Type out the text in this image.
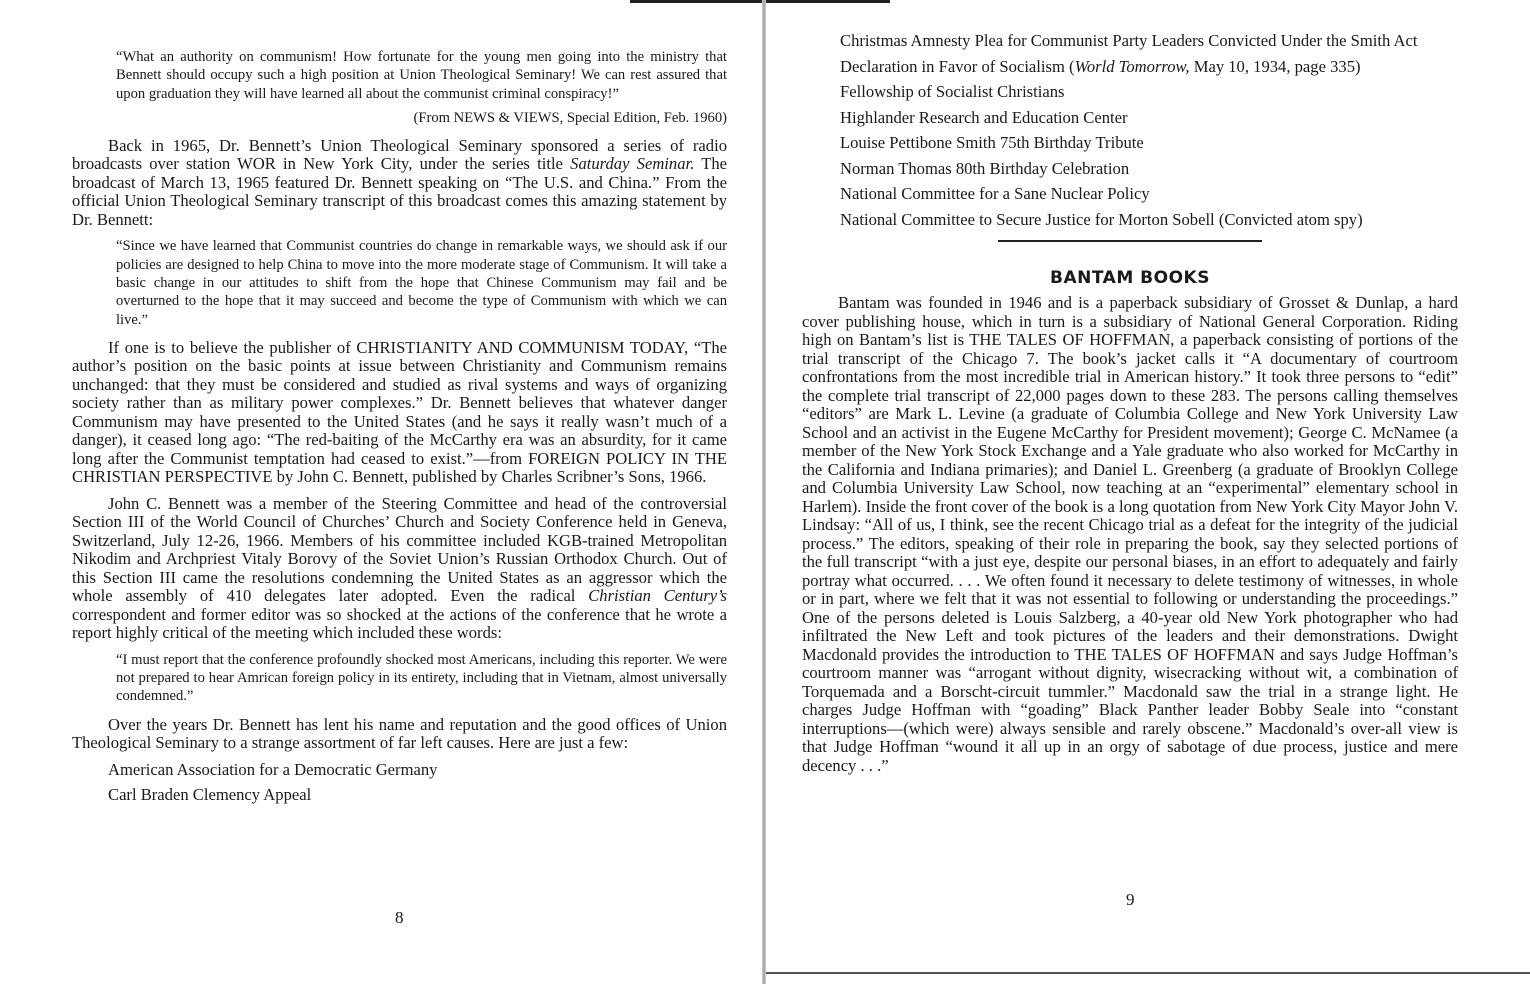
“What an authority on communism! How fortunate for the young men going into the ministry that Bennett should occupy such a high position at Union Theological Seminary! We can rest assured that upon graduation they will have learned all about the communist criminal conspiracy!”

(From NEWS & VIEWS, Special Edition, Feb. 1960)

Back in 1965, Dr. Bennett’s Union Theological Seminary sponsored a series of radio broadcasts over station WOR in New York City, under the series title Saturday Seminar. The broadcast of March 13, 1965 featured Dr. Bennett speaking on “The U.S. and China.” From the official Union Theological Seminary transcript of this broadcast comes this amazing statement by Dr. Bennett:

“Since we have learned that Communist countries do change in remarkable ways, we should ask if our policies are designed to help China to move into the more moderate stage of Communism. It will take a basic change in our attitudes to shift from the hope that Chinese Communism may fail and be overturned to the hope that it may succeed and become the type of Communism with which we can live.”

If one is to believe the publisher of CHRISTIANITY AND COMMUNISM TODAY, “The author’s position on the basic points at issue between Christianity and Communism remains unchanged: that they must be considered and studied as rival systems and ways of organizing society rather than as military power complexes.” Dr. Bennett believes that whatever danger Communism may have presented to the United States (and he says it really wasn’t much of a danger), it ceased long ago: “The red-baiting of the McCarthy era was an absurdity, for it came long after the Communist temptation had ceased to exist.”—from FOREIGN POLICY IN THE CHRISTIAN PERSPECTIVE by John C. Bennett, published by Charles Scribner’s Sons, 1966.

John C. Bennett was a member of the Steering Committee and head of the controversial Section III of the World Council of Churches’ Church and Society Conference held in Geneva, Switzerland, July 12-26, 1966. Members of his committee included KGB-trained Metropolitan Nikodim and Archpriest Vitaly Borovy of the Soviet Union’s Russian Orthodox Church. Out of this Section III came the resolutions condemning the United States as an aggressor which the whole assembly of 410 delegates later adopted. Even the radical Christian Century’s correspondent and former editor was so shocked at the actions of the conference that he wrote a report highly critical of the meeting which included these words:

“I must report that the conference profoundly shocked most Americans, including this reporter. We were not prepared to hear Amrican foreign policy in its entirety, including that in Vietnam, almost universally condemned.”

Over the years Dr. Bennett has lent his name and reputation and the good offices of Union Theological Seminary to a strange assortment of far left causes. Here are just a few:

American Association for a Democratic Germany
Carl Braden Clemency Appeal
8
Christmas Amnesty Plea for Communist Party Leaders Convicted Under the Smith Act
Declaration in Favor of Socialism (World Tomorrow, May 10, 1934, page 335)
Fellowship of Socialist Christians
Highlander Research and Education Center
Louise Pettibone Smith 75th Birthday Tribute
Norman Thomas 80th Birthday Celebration
National Committee for a Sane Nuclear Policy
National Committee to Secure Justice for Morton Sobell (Convicted atom spy)
BANTAM BOOKS

Bantam was founded in 1946 and is a paperback subsidiary of Grosset & Dunlap, a hard cover publishing house, which in turn is a subsidiary of National General Corporation. Riding high on Bantam’s list is THE TALES OF HOFFMAN, a paperback consisting of portions of the trial transcript of the Chicago 7. The book’s jacket calls it “A documentary of courtroom confrontations from the most incredible trial in American history.” It took three persons to “edit” the complete trial transcript of 22,000 pages down to these 283. The persons calling themselves “editors” are Mark L. Levine (a graduate of Columbia College and New York University Law School and an activist in the Eugene McCarthy for President movement); George C. McNamee (a member of the New York Stock Exchange and a Yale graduate who also worked for McCarthy in the California and Indiana primaries); and Daniel L. Greenberg (a graduate of Brooklyn College and Columbia University Law School, now teaching at an “experimental” elementary school in Harlem). Inside the front cover of the book is a long quotation from New York City Mayor John V. Lindsay: “All of us, I think, see the recent Chicago trial as a defeat for the integrity of the judicial process.” The editors, speaking of their role in preparing the book, say they selected portions of the full transcript “with a just eye, despite our personal biases, in an effort to adequately and fairly portray what occurred. . . . We often found it necessary to delete testimony of witnesses, in whole or in part, where we felt that it was not essential to following or understanding the proceedings.” One of the persons deleted is Louis Salzberg, a 40-year old New York photographer who had infiltrated the New Left and took pictures of the leaders and their demonstrations. Dwight Macdonald provides the introduction to THE TALES OF HOFFMAN and says Judge Hoffman’s courtroom manner was “arrogant without dignity, wisecracking without wit, a combination of Torquemada and a Borscht-circuit tummler.” Macdonald saw the trial in a strange light. He charges Judge Hoffman with “goading” Black Panther leader Bobby Seale into “constant interruptions—(which were) always sensible and rarely obscene.” Macdonald’s over-all view is that Judge Hoffman “wound it all up in an orgy of sabotage of due process, justice and mere decency . . .”

9
